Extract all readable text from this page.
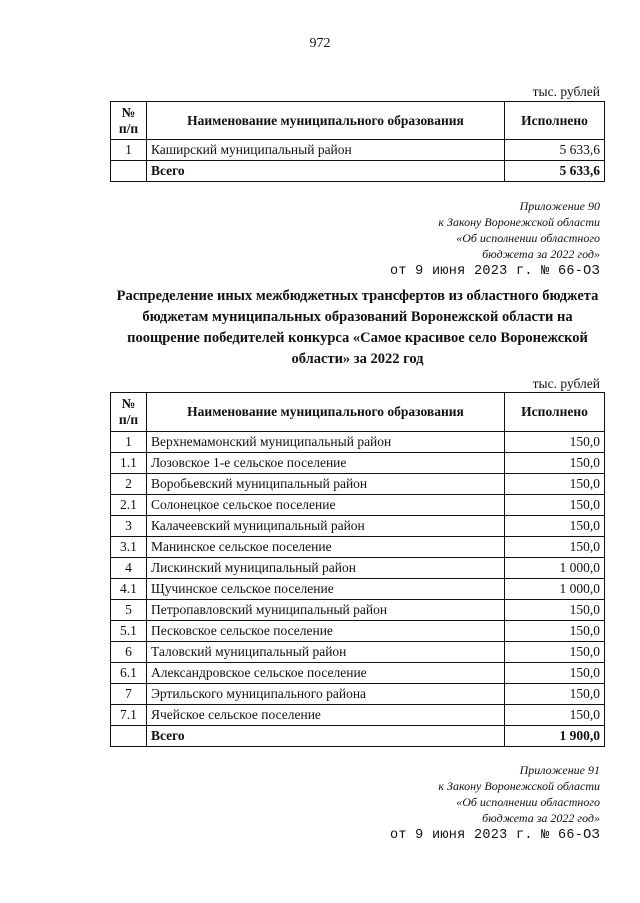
972
тыс. рублей
№ п/п	Наименование муниципального образования	Исполнено
1	Каширский муниципальный район	5 633,6
	Всего	5 633,6
Приложение 90
к Закону Воронежской области
«Об исполнении областного
бюджета за 2022 год»
от 9 июня 2023 г. № 66-ОЗ
Распределение иных межбюджетных трансфертов из областного бюджета бюджетам муниципальных образований Воронежской области на поощрение победителей конкурса «Самое красивое село Воронежской области» за 2022 год
тыс. рублей
№ п/п	Наименование муниципального образования	Исполнено
1	Верхнемамонский муниципальный район	150,0
1.1	Лозовское 1-е сельское поселение	150,0
2	Воробьевский муниципальный район	150,0
2.1	Солонецкое сельское поселение	150,0
3	Калачеевский муниципальный район	150,0
3.1	Манинское сельское поселение	150,0
4	Лискинский муниципальный район	1 000,0
4.1	Щучинское сельское поселение	1 000,0
5	Петропавловский муниципальный район	150,0
5.1	Песковское сельское поселение	150,0
6	Таловский муниципальный район	150,0
6.1	Александровское сельское поселение	150,0
7	Эртильского муниципального района	150,0
7.1	Ячейское сельское поселение	150,0
	Всего	1 900,0
Приложение 91
к Закону Воронежской области
«Об исполнении областного
бюджета за 2022 год»
от 9 июня 2023 г. № 66-ОЗ
